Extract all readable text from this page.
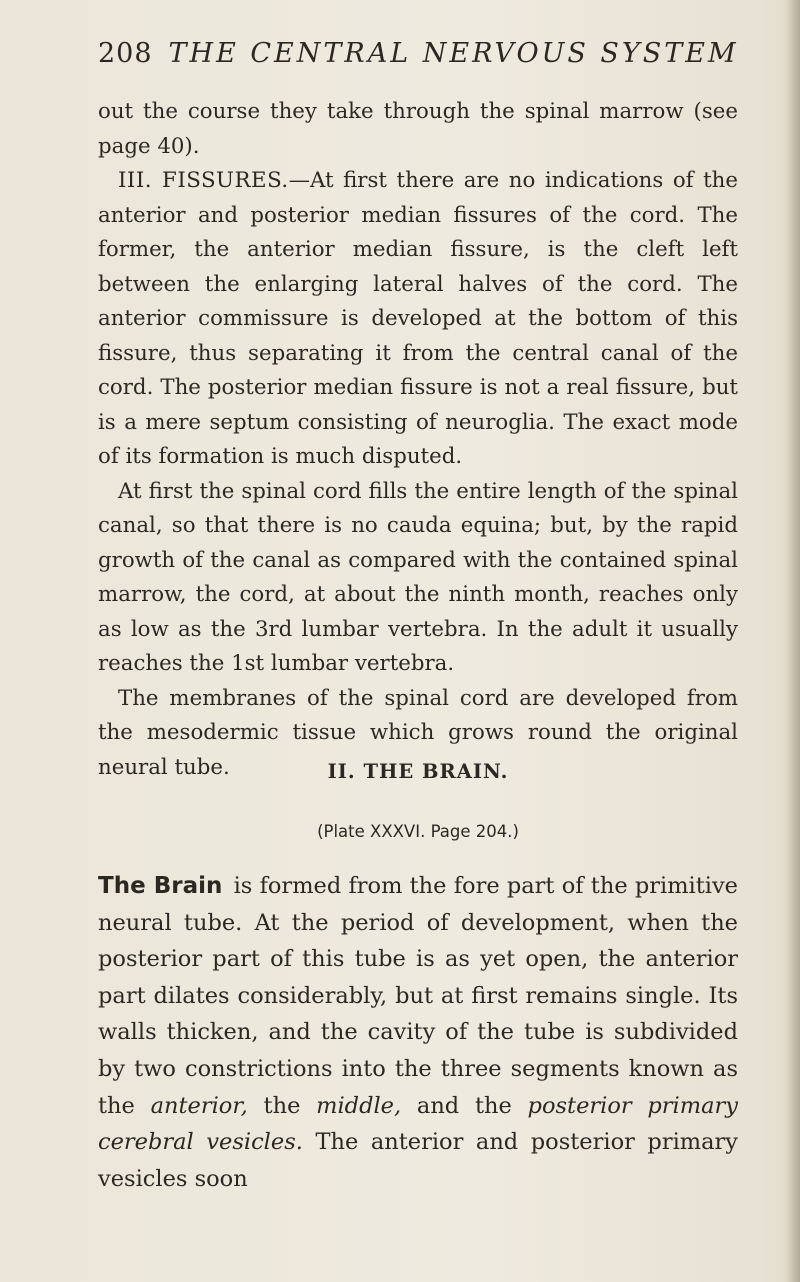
208 THE CENTRAL NERVOUS SYSTEM

out the course they take through the spinal marrow (see page 40).

III. FISSURES.—At first there are no indications of the anterior and posterior median fissures of the cord. The former, the anterior median fissure, is the cleft left between the enlarging lateral halves of the cord. The anterior commissure is developed at the bottom of this fissure, thus separating it from the central canal of the cord. The posterior median fissure is not a real fissure, but is a mere septum consisting of neuroglia. The exact mode of its formation is much disputed.

At first the spinal cord fills the entire length of the spinal canal, so that there is no cauda equina; but, by the rapid growth of the canal as compared with the contained spinal marrow, the cord, at about the ninth month, reaches only as low as the 3rd lumbar vertebra. In the adult it usually reaches the 1st lumbar vertebra.

The membranes of the spinal cord are developed from the mesodermic tissue which grows round the original neural tube.	II. THE BRAIN.
(Plate XXXVI. Page 204.)

The Brain is formed from the fore part of the primitive neural tube. At the period of development, when the posterior part of this tube is as yet open, the anterior part dilates considerably, but at first remains single. Its walls thicken, and the cavity of the tube is subdivided by two constrictions into the three segments known as the anterior, the middle, and the posterior primary cerebral vesicles. The anterior and posterior primary vesicles soon
